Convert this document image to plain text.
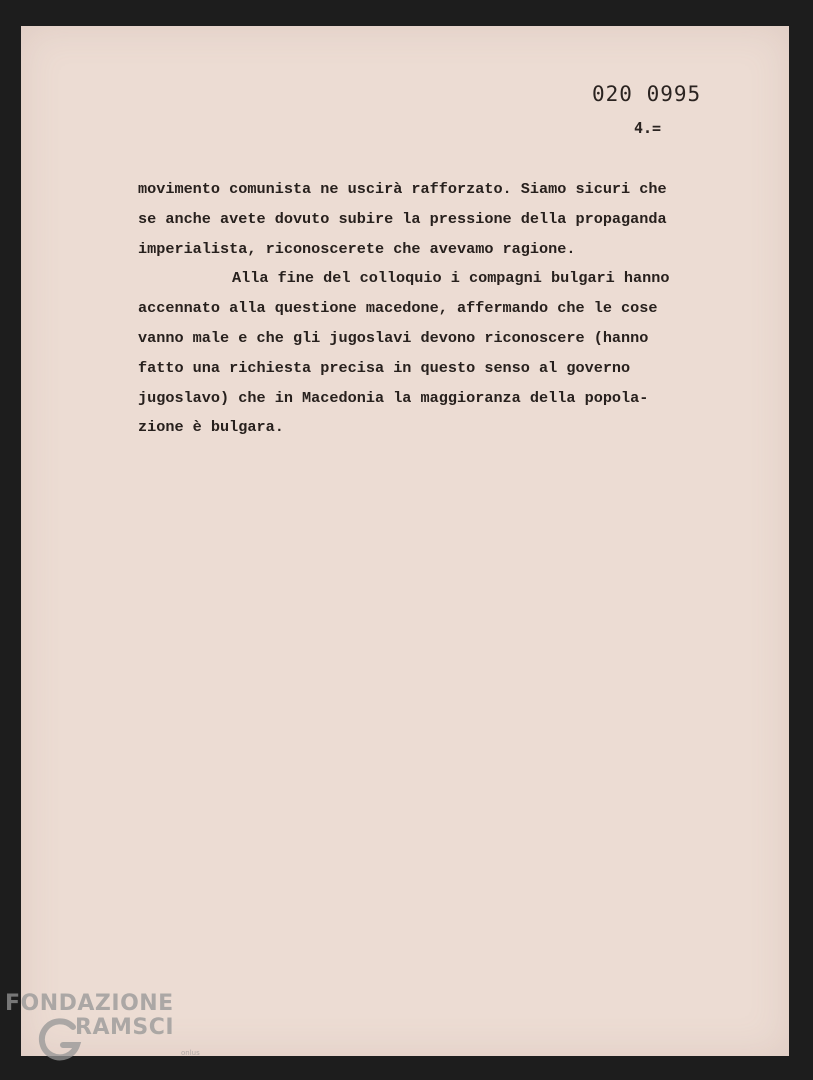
020 0995
4.=
movimento comunista ne uscirà rafforzato. Siamo sicuri che
se anche avete dovuto subire la pressione della propaganda
imperialista, riconoscerete che avevamo ragione.
Alla fine del colloquio i compagni bulgari hanno
accennato alla questione macedone, affermando che le cose
vanno male e che gli jugoslavi devono riconoscere (hanno
fatto una richiesta precisa in questo senso al governo
jugoslavo) che in Macedonia la maggioranza della popola-
zione è bulgara.
FONDAZIONE
RAMSCI
onlus
